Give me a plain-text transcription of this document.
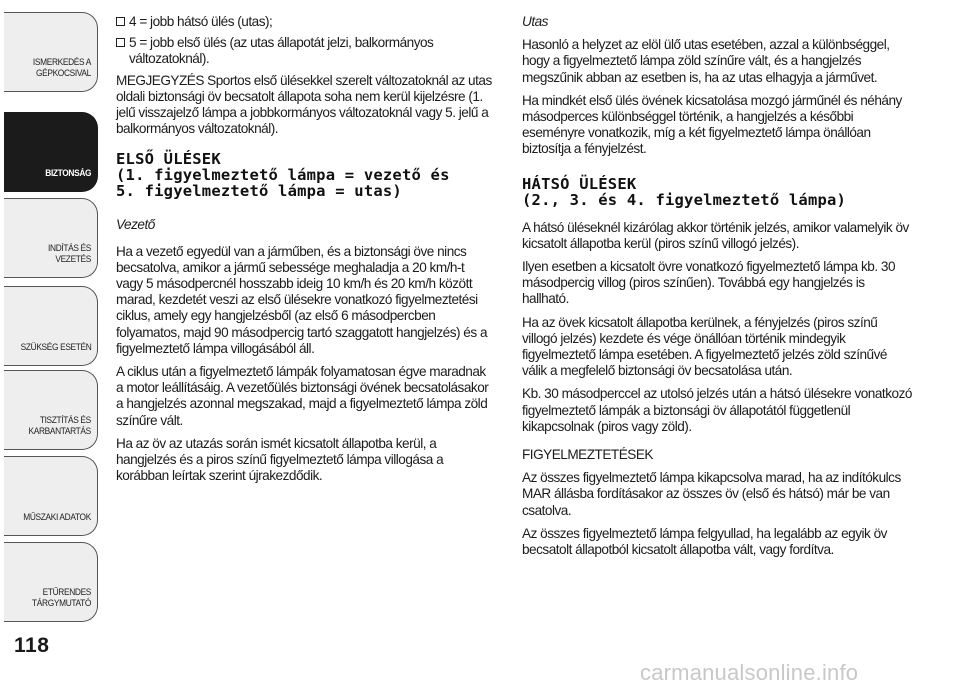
ISMERKEDÉS A
GÉPKOCSIVAL
BIZTONSÁG
INDÍTÁS ÉS VEZETÉS
SZÜKSÉG ESETÉN
TISZTÍTÁS ÉS
KARBANTARTÁS
MŰSZAKI ADATOK
ETŰRENDES
TÁRGYMUTATÓ
118
4 = jobb hátsó ülés (utas);
5 = jobb első ülés (az utas állapotát jelzi, balkormányos változatoknál).

MEGJEGYZÉS Sportos első ülésekkel szerelt változatoknál az utas oldali biztonsági öv becsatolt állapota soha nem kerül kijelzésre (1. jelű visszajelző lámpa a jobbkormányos változatoknál vagy 5. jelű a balkormányos változatoknál).

ELSŐ ÜLÉSEK
(1. figyelmeztető lámpa = vezető és
5. figyelmeztető lámpa = utas)

Vezető

Ha a vezető egyedül van a járműben, és a biztonsági öve nincs becsatolva, amikor a jármű sebessége meghaladja a 20 km/h-t vagy 5 másodpercnél hosszabb ideig 10 km/h és 20 km/h között marad, kezdetét veszi az első ülésekre vonatkozó figyelmeztetési ciklus, amely egy hangjelzésből (az első 6 másodpercben folyamatos, majd 90 másodpercig tartó szaggatott hangjelzés) és a figyelmeztető lámpa villogásából áll.

A ciklus után a figyelmeztető lámpák folyamatosan égve maradnak a motor leállításáig. A vezetőülés biztonsági övének becsatolásakor a hangjelzés azonnal megszakad, majd a figyelmeztető lámpa zöld színűre vált.

Ha az öv az utazás során ismét kicsatolt állapotba kerül, a hangjelzés és a piros színű figyelmeztető lámpa villogása a korábban leírtak szerint újrakezdődik.

Utas

Hasonló a helyzet az elöl ülő utas esetében, azzal a különbséggel, hogy a figyelmeztető lámpa zöld színűre vált, és a hangjelzés megszűnik abban az esetben is, ha az utas elhagyja a járművet.

Ha mindkét első ülés övének kicsatolása mozgó járműnél és néhány másodperces különbséggel történik, a hangjelzés a későbbi eseményre vonatkozik, míg a két figyelmeztető lámpa önállóan biztosítja a fényjelzést.

HÁTSÓ ÜLÉSEK
(2., 3. és 4. figyelmeztető lámpa)

A hátsó üléseknél kizárólag akkor történik jelzés, amikor valamelyik öv kicsatolt állapotba kerül (piros színű villogó jelzés).

Ilyen esetben a kicsatolt övre vonatkozó figyelmeztető lámpa kb. 30 másodpercig villog (piros színűen). Továbbá egy hangjelzés is hallható.

Ha az övek kicsatolt állapotba kerülnek, a fényjelzés (piros színű villogó jelzés) kezdete és vége önállóan történik mindegyik figyelmeztető lámpa esetében. A figyelmeztető jelzés zöld színűvé válik a megfelelő biztonsági öv becsatolása után.

Kb. 30 másodperccel az utolsó jelzés után a hátsó ülésekre vonatkozó figyelmeztető lámpák a biztonsági öv állapotától függetlenül kikapcsolnak (piros vagy zöld).

FIGYELMEZTETÉSEK

Az összes figyelmeztető lámpa kikapcsolva marad, ha az indítókulcs MAR állásba fordításakor az összes öv (első és hátsó) már be van csatolva.

Az összes figyelmeztető lámpa felgyullad, ha legalább az egyik öv becsatolt állapotból kicsatolt állapotba vált, vagy fordítva.

carmanualsonline.info
